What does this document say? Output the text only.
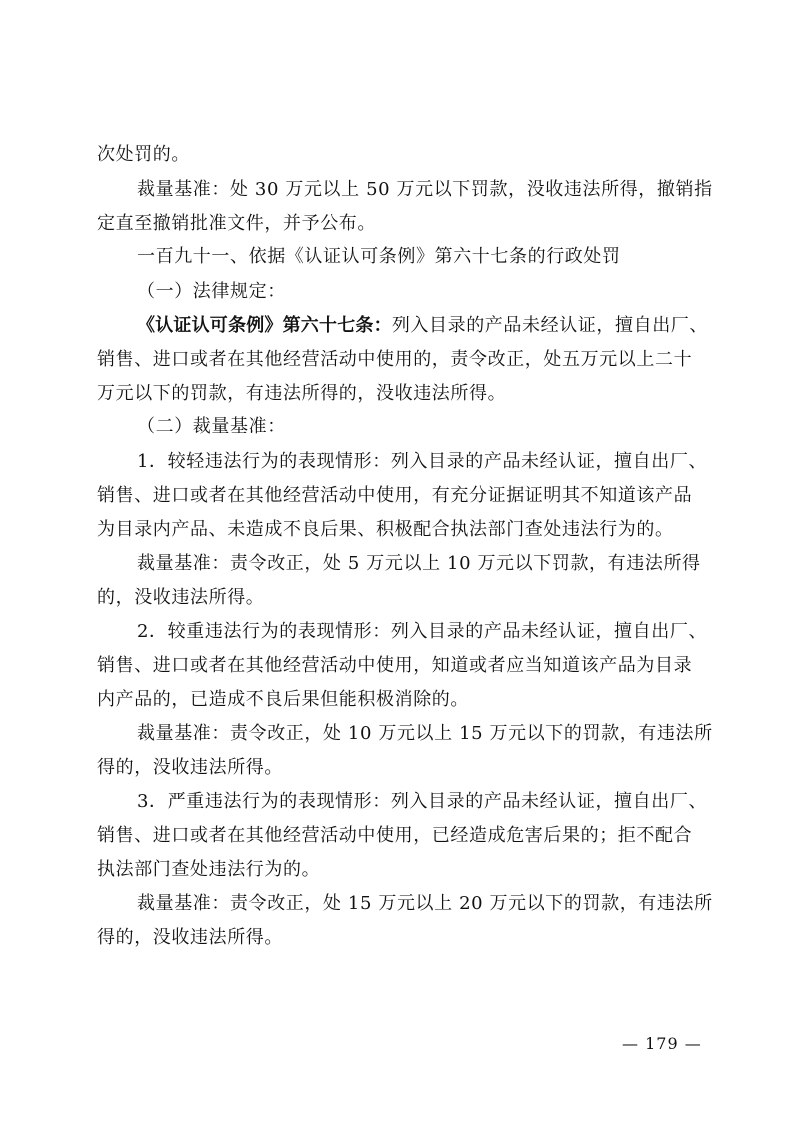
次处罚的。
裁量基准：处 30 万元以上 50 万元以下罚款，没收违法所得，撤销指
定直至撤销批准文件，并予公布。
一百九十一、依据《认证认可条例》第六十七条的行政处罚
（一）法律规定：
《认证认可条例》第六十七条：列入目录的产品未经认证，擅自出厂、
销售、进口或者在其他经营活动中使用的，责令改正，处五万元以上二十
万元以下的罚款，有违法所得的，没收违法所得。
（二）裁量基准：
1．较轻违法行为的表现情形：列入目录的产品未经认证，擅自出厂、
销售、进口或者在其他经营活动中使用，有充分证据证明其不知道该产品
为目录内产品、未造成不良后果、积极配合执法部门查处违法行为的。
裁量基准：责令改正，处 5 万元以上 10 万元以下罚款，有违法所得
的，没收违法所得。
2．较重违法行为的表现情形：列入目录的产品未经认证，擅自出厂、
销售、进口或者在其他经营活动中使用，知道或者应当知道该产品为目录
内产品的，已造成不良后果但能积极消除的。
裁量基准：责令改正，处 10 万元以上 15 万元以下的罚款，有违法所
得的，没收违法所得。
3．严重违法行为的表现情形：列入目录的产品未经认证，擅自出厂、
销售、进口或者在其他经营活动中使用，已经造成危害后果的；拒不配合
执法部门查处违法行为的。
裁量基准：责令改正，处 15 万元以上 20 万元以下的罚款，有违法所
得的，没收违法所得。
— 179 —
